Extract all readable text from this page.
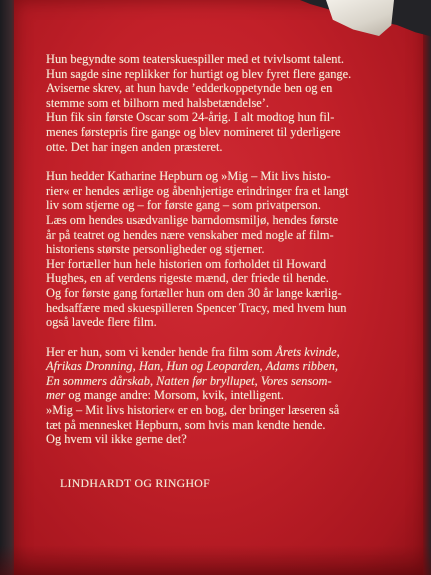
Hun begyndte som teaterskuespiller med et tvivlsomt talent.
Hun sagde sine replikker for hurtigt og blev fyret flere gange.
Aviserne skrev, at hun havde ’edderkoppetynde ben og en
stemme som et bilhorn med halsbetændelse’.
Hun fik sin første Oscar som 24-årig. I alt modtog hun fil-
menes førstepris fire gange og blev nomineret til yderligere
otte. Det har ingen anden præsteret.
Hun hedder Katharine Hepburn og »Mig – Mit livs histo-
rier« er hendes ærlige og åbenhjertige erindringer fra et langt
liv som stjerne og – for første gang – som privatperson.
Læs om hendes usædvanlige barndomsmiljø, hendes første
år på teatret og hendes nære venskaber med nogle af film-
historiens største personligheder og stjerner.
Her fortæller hun hele historien om forholdet til Howard
Hughes, en af verdens rigeste mænd, der friede til hende.
Og for første gang fortæller hun om den 30 år lange kærlig-
hedsaffære med skuespilleren Spencer Tracy, med hvem hun
også lavede flere film.
Her er hun, som vi kender hende fra film som Årets kvinde,
Afrikas Dronning, Han, Hun og Leoparden, Adams ribben,
En sommers dårskab, Natten før bryllupet, Vores sensom-
mer og mange andre: Morsom, kvik, intelligent.
»Mig – Mit livs historier« er en bog, der bringer læseren så
tæt på mennesket Hepburn, som hvis man kendte hende.
Og hvem vil ikke gerne det?
LINDHARDT OG RINGHOF
